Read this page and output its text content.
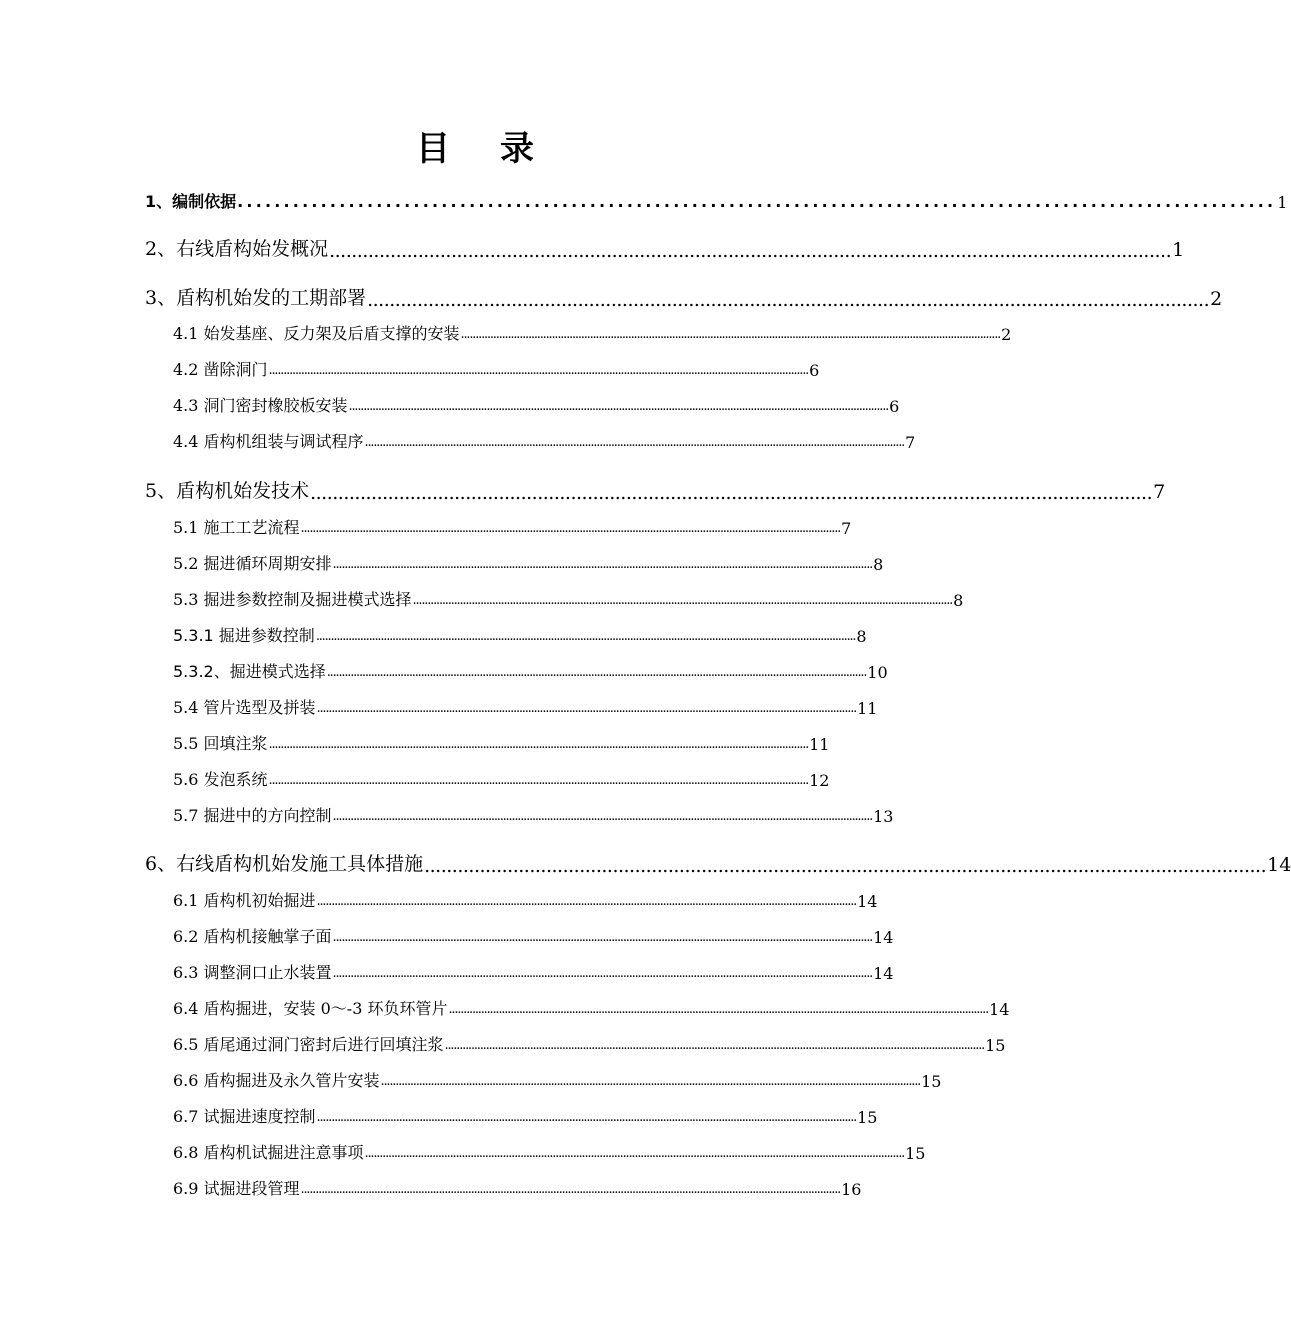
目 录
1、编制依据 ................................................................................................................ 1
2、右线盾构始发概况 ........................................................................................................................................................ 1
3、盾构机始发的工期部署 ........................................................................................................................................................ 2
4.1 始发基座、反力架及后盾支撑的安装 ........................................................................................................................................................................................ 2
4.2 凿除洞门 ........................................................................................................................................................................................ 6
4.3 洞门密封橡胶板安装 ........................................................................................................................................................................................ 6
4.4 盾构机组装与调试程序 ........................................................................................................................................................................................ 7
5、盾构机始发技术 ........................................................................................................................................................ 7
5.1 施工工艺流程 ........................................................................................................................................................................................ 7
5.2 掘进循环周期安排 ........................................................................................................................................................................................ 8
5.3 掘进参数控制及掘进模式选择 ........................................................................................................................................................................................ 8
5.3.1 掘进参数控制 ........................................................................................................................................................................................ 8
5.3.2、掘进模式选择 ........................................................................................................................................................................................ 10
5.4 管片选型及拼装 ........................................................................................................................................................................................ 11
5.5 回填注浆 ........................................................................................................................................................................................ 11
5.6 发泡系统 ........................................................................................................................................................................................ 12
5.7 掘进中的方向控制 ........................................................................................................................................................................................ 13
6、右线盾构机始发施工具体措施 ........................................................................................................................................................ 14
6.1 盾构机初始掘进 ........................................................................................................................................................................................ 14
6.2 盾构机接触掌子面 ........................................................................................................................................................................................ 14
6.3 调整洞口止水装置 ........................................................................................................................................................................................ 14
6.4 盾构掘进，安装 0～-3 环负环管片 ........................................................................................................................................................................................ 14
6.5 盾尾通过洞门密封后进行回填注浆 ........................................................................................................................................................................................ 15
6.6 盾构掘进及永久管片安装 ........................................................................................................................................................................................ 15
6.7 试掘进速度控制 ........................................................................................................................................................................................ 15
6.8 盾构机试掘进注意事项 ........................................................................................................................................................................................ 15
6.9 试掘进段管理 ........................................................................................................................................................................................ 16
